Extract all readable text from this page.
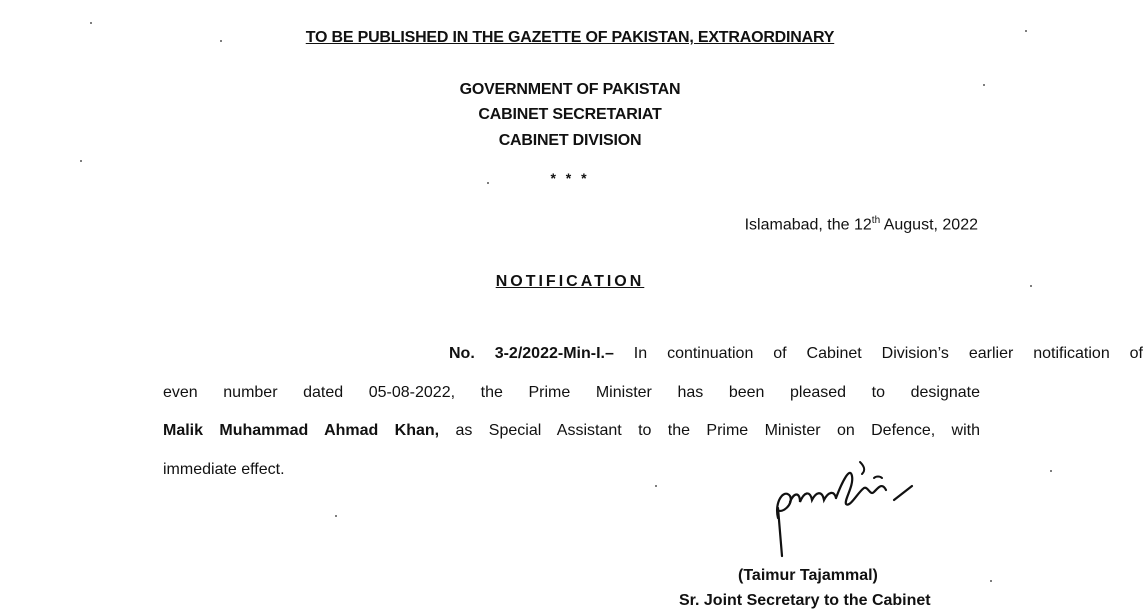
TO BE PUBLISHED IN THE GAZETTE OF PAKISTAN, EXTRAORDINARY
GOVERNMENT OF PAKISTAN
CABINET SECRETARIAT
CABINET DIVISION
* * *
Islamabad, the 12th August, 2022
NOTIFICATION
No. 3-2/2022-Min-I.– In continuation of Cabinet Division’s earlier notification of
even number dated 05-08-2022, the Prime Minister has been pleased to designate
Malik Muhammad Ahmad Khan, as Special Assistant to the Prime Minister on Defence, with
immediate effect.
(Taimur Tajammal)
Sr. Joint Secretary to the Cabinet
